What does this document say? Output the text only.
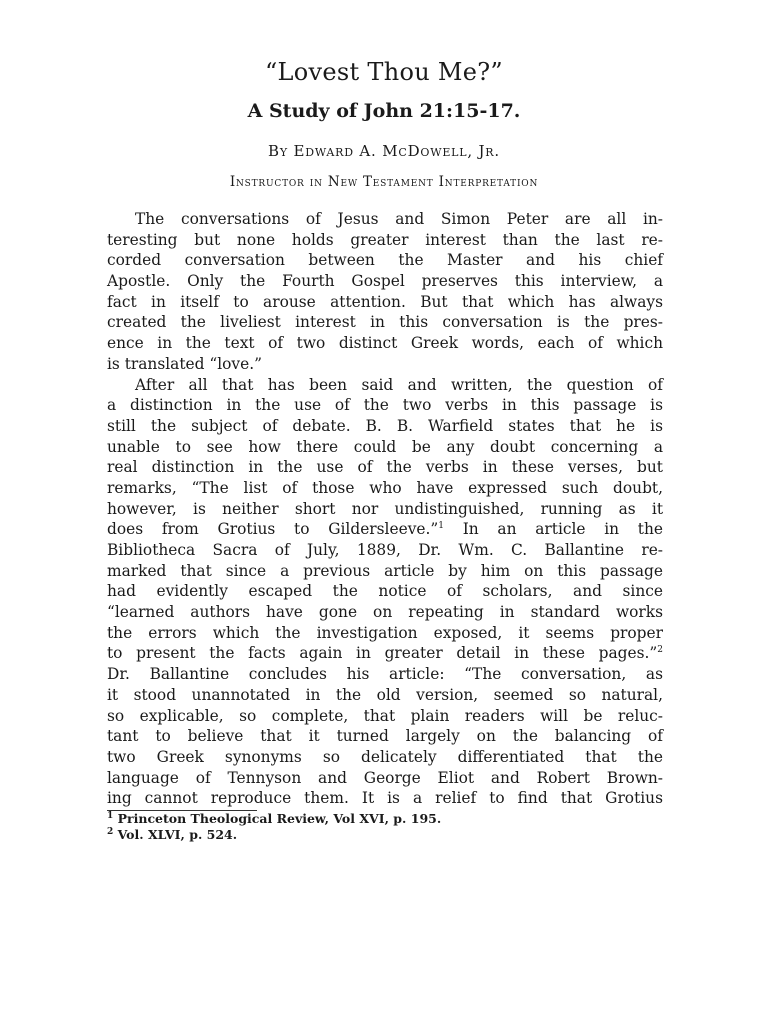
“Lovest Thou Me?”
A Study of John 21:15-17.
By Edward A. McDowell, Jr.
Instructor in New Testament Interpretation
The conversations of Jesus and Simon Peter are all in-
teresting but none holds greater interest than the last re-
corded conversation between the Master and his chief
Apostle. Only the Fourth Gospel preserves this interview, a
fact in itself to arouse attention. But that which has always
created the liveliest interest in this conversation is the pres-
ence in the text of two distinct Greek words, each of which
is translated “love.”
After all that has been said and written, the question of
a distinction in the use of the two verbs in this passage is
still the subject of debate. B. B. Warfield states that he is
unable to see how there could be any doubt concerning a
real distinction in the use of the verbs in these verses, but
remarks, “The list of those who have expressed such doubt,
however, is neither short nor undistinguished, running as it
does from Grotius to Gildersleeve.”$^1$ In an article in the
Bibliotheca Sacra of July, 1889, Dr. Wm. C. Ballantine re-
marked that since a previous article by him on this passage
had evidently escaped the notice of scholars, and since
“learned authors have gone on repeating in standard works
the errors which the investigation exposed, it seems proper
to present the facts again in greater detail in these pages.”$^2$
Dr. Ballantine concludes his article: “The conversation, as
it stood unannotated in the old version, seemed so natural,
so explicable, so complete, that plain readers will be reluc-
tant to believe that it turned largely on the balancing of
two Greek synonyms so delicately differentiated that the
language of Tennyson and George Eliot and Robert Brown-
ing cannot reproduce them. It is a relief to find that Grotius
$^1$ Princeton Theological Review, Vol XVI, p. 195.
$^2$ Vol. XLVI, p. 524.
